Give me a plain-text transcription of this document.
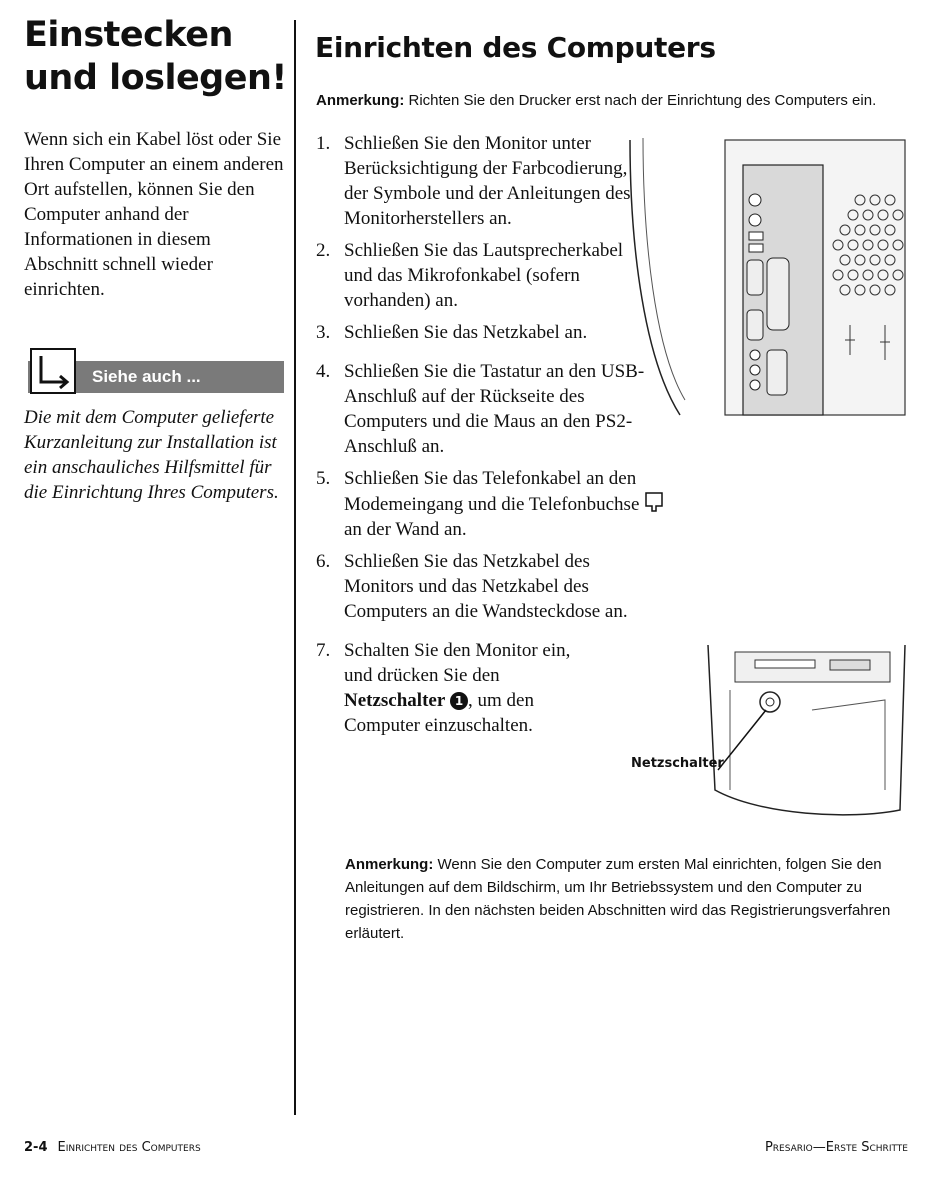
Einstecken und loslegen!
Wenn sich ein Kabel löst oder Sie Ihren Computer an einem anderen Ort aufstellen, können Sie den Computer anhand der Informationen in diesem Abschnitt schnell wieder einrichten.
Siehe auch ...
Die mit dem Computer gelieferte Kurzanleitung zur Installation ist ein anschauliches Hilfsmittel für die Einrichtung Ihres Computers.
Einrichten des Computers
Anmerkung: Richten Sie den Drucker erst nach der Einrichtung des Computers ein.
1. Schließen Sie den Monitor unter Berücksichtigung der Farbcodierung, der Symbole und der Anleitungen des Monitorherstellers an.
2. Schließen Sie das Lautsprecherkabel und das Mikrofonkabel (sofern vorhanden) an.
3. Schließen Sie das Netzkabel an.
4. Schließen Sie die Tastatur an den USB-Anschluß auf der Rückseite des Computers und die Maus an den PS2-Anschluß an.
5. Schließen Sie das Telefonkabel an den Modemeingang und die Telefonbuchse  an der Wand an.
6. Schließen Sie das Netzkabel des Monitors und das Netzkabel des Computers an die Wandsteckdose an.
7. Schalten Sie den Monitor ein, und drücken Sie den Netzschalter 1 , um den Computer einzuschalten.
Anmerkung: Wenn Sie den Computer zum ersten Mal einrichten, folgen Sie den Anleitungen auf dem Bildschirm, um Ihr Betriebssystem und den Computer zu registrieren. In den nächsten beiden Abschnitten wird das Registrierungsverfahren erläutert.
Netzschalter
2-4 Einrichten des Computers	Presario—Erste Schritte
